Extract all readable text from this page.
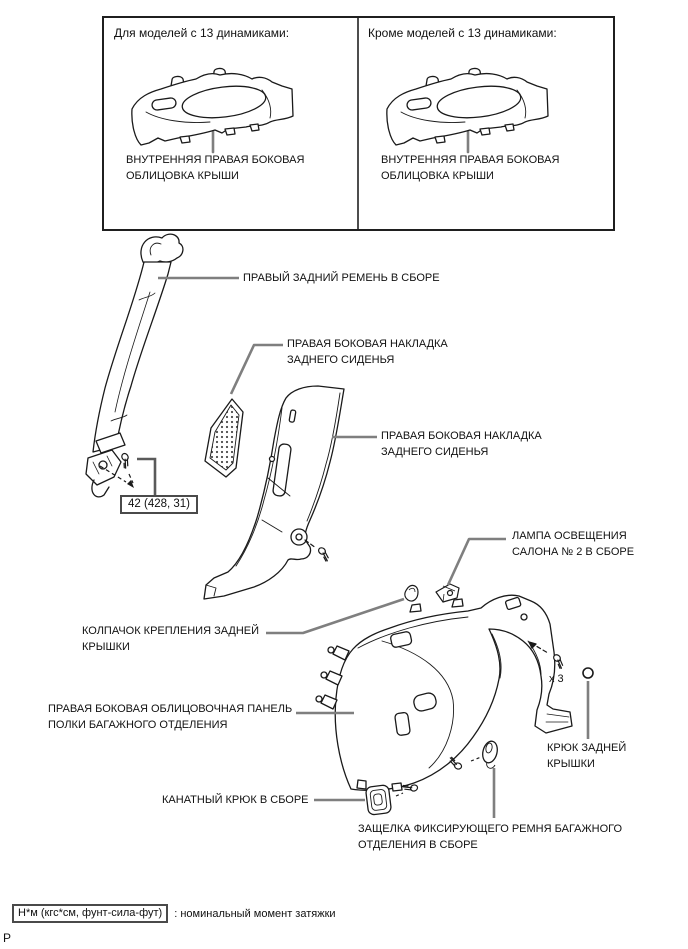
Для моделей с 13 динамиками:	Кроме моделей с 13 динамиками:
ВНУТРЕННЯЯ ПРАВАЯ БОКОВАЯ ОБЛИЦОВКА КРЫШИ
ВНУТРЕННЯЯ ПРАВАЯ БОКОВАЯ ОБЛИЦОВКА КРЫШИ
ПРАВЫЙ ЗАДНИЙ РЕМЕНЬ В СБОРЕ
ПРАВАЯ БОКОВАЯ НАКЛАДКА ЗАДНЕГО СИДЕНЬЯ
ПРАВАЯ БОКОВАЯ НАКЛАДКА ЗАДНЕГО СИДЕНЬЯ
ЛАМПА ОСВЕЩЕНИЯ САЛОНА № 2 В СБОРЕ
КОЛПАЧОК КРЕПЛЕНИЯ ЗАДНЕЙ КРЫШКИ
ПРАВАЯ БОКОВАЯ ОБЛИЦОВОЧНАЯ ПАНЕЛЬ ПОЛКИ БАГАЖНОГО ОТДЕЛЕНИЯ
x 3
КРЮК ЗАДНЕЙ КРЫШКИ
КАНАТНЫЙ КРЮК В СБОРЕ
ЗАЩЕЛКА ФИКСИРУЮЩЕГО РЕМНЯ БАГАЖНОГО ОТДЕЛЕНИЯ В СБОРЕ
42 (428, 31)
Н*м (кгс*см, фунт-сила-фут)	: номинальный момент затяжки
P
